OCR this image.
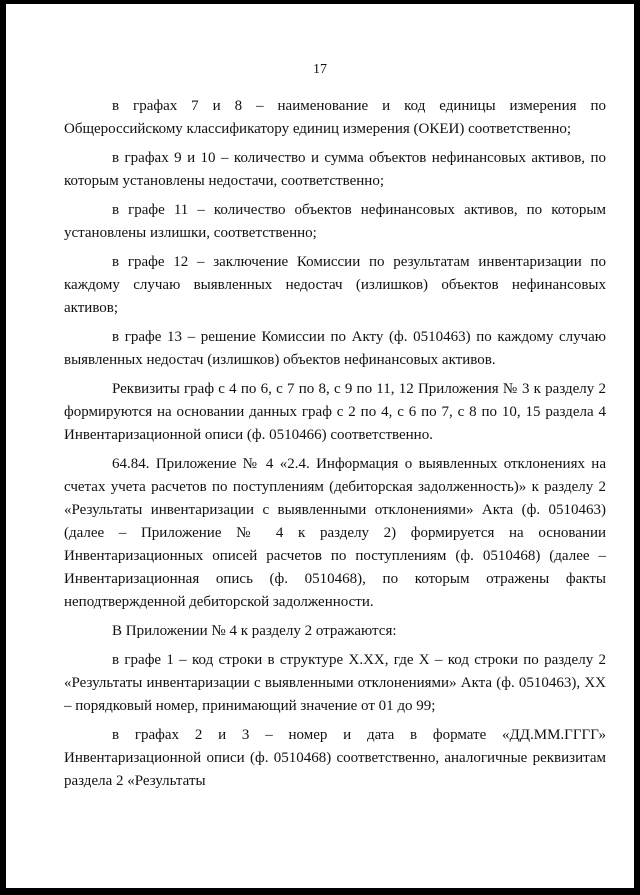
17

в графах 7 и 8 – наименование и код единицы измерения по Общероссийскому классификатору единиц измерения (ОКЕИ) соответственно;

в графах 9 и 10 – количество и сумма объектов нефинансовых активов, по которым установлены недостачи, соответственно;

в графе 11 – количество объектов нефинансовых активов, по которым установлены излишки, соответственно;

в графе 12 – заключение Комиссии по результатам инвентаризации по каждому случаю выявленных недостач (излишков) объектов нефинансовых активов;

в графе 13 – решение Комиссии по Акту (ф. 0510463) по каждому случаю выявленных недостач (излишков) объектов нефинансовых активов.

Реквизиты граф с 4 по 6, с 7 по 8, с 9 по 11, 12 Приложения № 3 к разделу 2 формируются на основании данных граф с 2 по 4, с 6 по 7, с 8 по 10, 15 раздела 4 Инвентаризационной описи (ф. 0510466) соответственно.

64.84. Приложение № 4 «2.4. Информация о выявленных отклонениях на счетах учета расчетов по поступлениям (дебиторская задолженность)» к разделу 2 «Результаты инвентаризации с выявленными отклонениями» Акта (ф. 0510463) (далее – Приложение № 4 к разделу 2) формируется на основании Инвентаризационных описей расчетов по поступлениям (ф. 0510468) (далее – Инвентаризационная опись (ф. 0510468), по которым отражены факты неподтвержденной дебиторской задолженности.

В Приложении № 4 к разделу 2 отражаются:

в графе 1 – код строки в структуре X.XX, где X – код строки по разделу 2 «Результаты инвентаризации с выявленными отклонениями» Акта (ф. 0510463), XX – порядковый номер, принимающий значение от 01 до 99;

в графах 2 и 3 – номер и дата в формате «ДД.ММ.ГГГГ» Инвентаризационной описи (ф. 0510468) соответственно, аналогичные реквизитам раздела 2 «Результаты
